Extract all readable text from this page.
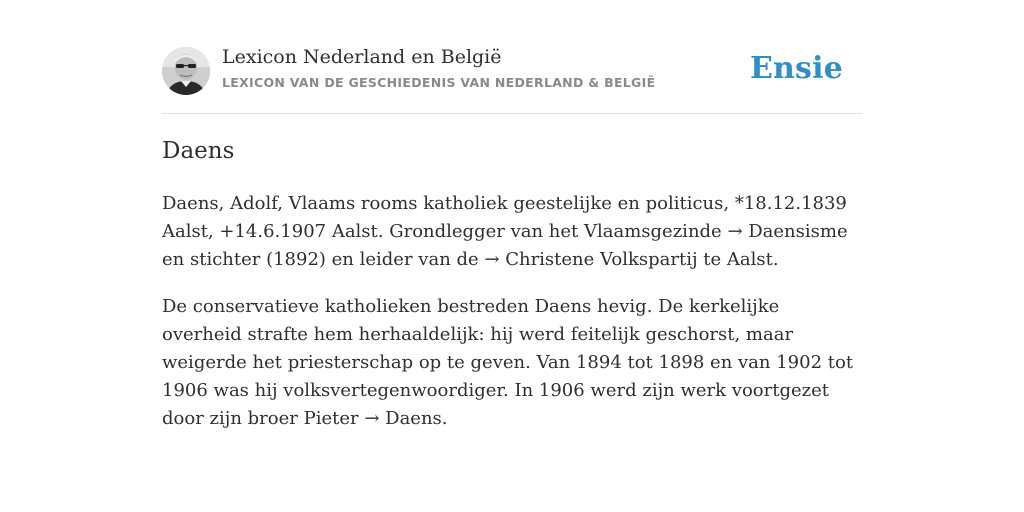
Lexicon Nederland en België
LEXICON VAN DE GESCHIEDENIS VAN NEDERLAND & BELGIË	Ensie
Daens

Daens, Adolf, Vlaams rooms katholiek geestelijke en politicus, *18.12.1839 Aalst, +14.6.1907 Aalst. Grondlegger van het Vlaamsgezinde → Daensisme en stichter (1892) en leider van de → Christene Volkspartij te Aalst.

De conservatieve katholieken bestreden Daens hevig. De kerkelijke overheid strafte hem herhaaldelijk: hij werd feitelijk geschorst, maar weigerde het priesterschap op te geven. Van 1894 tot 1898 en van 1902 tot 1906 was hij volksvertegenwoordiger. In 1906 werd zijn werk voortgezet door zijn broer Pieter → Daens.
